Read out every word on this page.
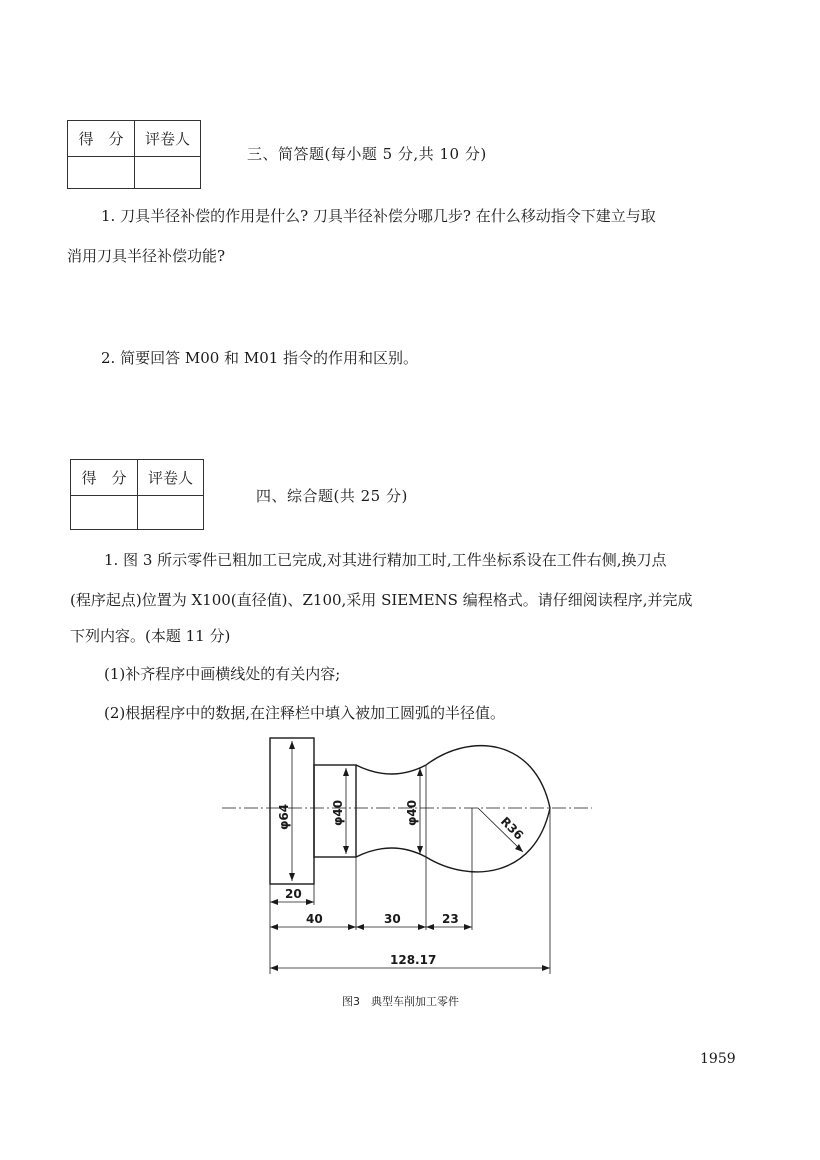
得　分	评卷人

三、简答题(每小题 5 分,共 10 分)
1. 刀具半径补偿的作用是什么? 刀具半径补偿分哪几步? 在什么移动指令下建立与取
消用刀具半径补偿功能?
2. 简要回答 M00 和 M01 指令的作用和区别。
得　分	评卷人

四、综合题(共 25 分)
1. 图 3 所示零件已粗加工已完成,对其进行精加工时,工件坐标系设在工件右侧,换刀点
(程序起点)位置为 X100(直径值)、Z100,采用 SIEMENS 编程格式。请仔细阅读程序,并完成
下列内容。(本题 11 分)
(1)补齐程序中画横线处的有关内容;
(2)根据程序中的数据,在注释栏中填入被加工圆弧的半径值。
φ64	φ40	φ40
R36
20
40	30	23
128.17
图3　典型车削加工零件
1959
